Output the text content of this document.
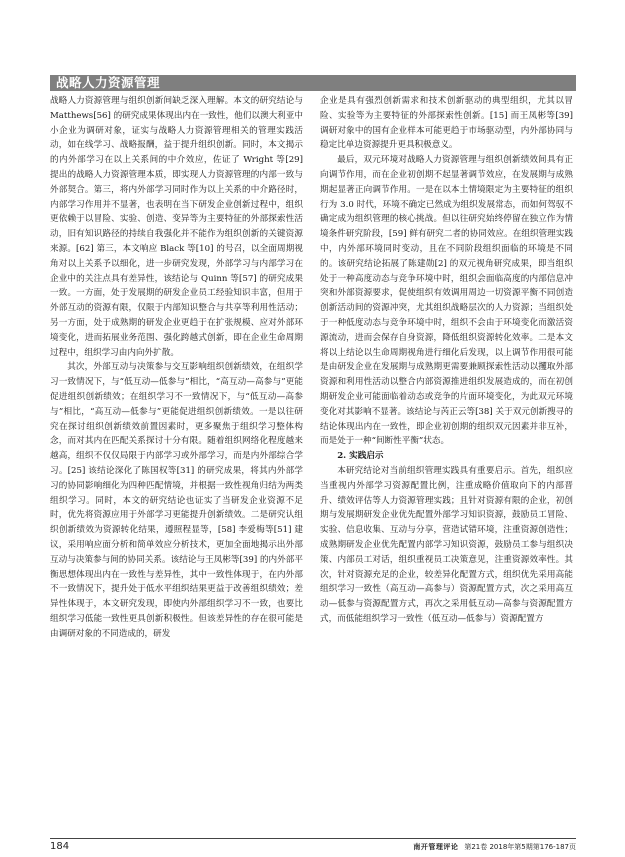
战略人力资源管理

战略人力资源管理与组织创新间缺乏深入理解。本文的研究结论与 Matthews[56] 的研究成果体现出内在一致性，他们以澳大利亚中小企业为调研对象，证实与战略人力资源管理相关的管理实践活动，如在线学习、战略报酬，益于提升组织创新。同时，本文揭示的内外部学习在以上关系间的中介效应，佐证了 Wright 等[29] 提出的战略人力资源管理本质，即实现人力资源管理的内部一致与外部契合。第三，将内外部学习同时作为以上关系的中介路径时，内部学习作用并不显著，也表明在当下研发企业创新过程中，组织更依赖于以冒险、实验、创造、变异等为主要特征的外部探索性活动，旧有知识路径的持续自我强化并不能作为组织创新的关键资源来源。[62] 第三，本文响应 Black 等[10] 的号召，以全面周期视角对以上关系予以细化，进一步研究发现，外部学习与内部学习在企业中的关注点具有差异性，该结论与 Quinn 等[57] 的研究成果一致。一方面，处于发展期的研发企业员工经验知识丰富，但用于外部互动的资源有限，仅限于内部知识整合与共享等利用性活动；另一方面，处于成熟期的研发企业更趋于在扩张规模、应对外部环境变化，进而拓展业务范围、强化跨越式创新，即在企业生命周期过程中，组织学习由内向外扩散。

其次，外部互动与决策参与交互影响组织创新绩效，在组织学习一致情况下，与“低互动—低参与”相比，“高互动—高参与”更能促进组织创新绩效；在组织学习不一致情况下，与“低互动—高参与”相比，“高互动—低参与”更能促进组织创新绩效。一是以往研究在探讨组织创新绩效前置因素时，更多聚焦于组织学习整体构念，而对其内在匹配关系探讨十分有限。随着组织网络化程度越来越高，组织不仅仅局限于内部学习或外部学习，而是内外部综合学习。[25] 该结论深化了陈国权等[31] 的研究成果，将其内外部学习的协同影响细化为四种匹配情境，并根据一致性视角归结为两类组织学习。同时，本文的研究结论也证实了当研发企业资源不足时，优先将资源应用于外部学习更能提升创新绩效。二是研究认组织创新绩效为资源转化结果，遵照程显等，[58] 李爱梅等[51] 建议，采用响应面分析和简单效应分析技术，更加全面地揭示出外部互动与决策参与间的协同关系。该结论与王凤彬等[39] 的内外部平衡思想体现出内在一致性与差异性，其中一致性体现于，在内外部不一致情况下，提升处于低水平组织结果更益于改善组织绩效；差异性体现于，本文研究发现，即使内外部组织学习不一致，也要比组织学习低能一致性更具创新积极性。但该差异性的存在很可能是由调研对象的不同造成的，研发

企业是具有强烈创新需求和技术创新驱动的典型组织，尤其以冒险、实验等为主要特征的外部探索性创新。[15] 而王凤彬等[39] 调研对象中的国有企业样本可能更趋于市场驱动型，内外部协同与稳定比单边资源提升更具积极意义。

最后，双元环境对战略人力资源管理与组织创新绩效间具有正向调节作用，而在企业初创期不起显著调节效应，在发展期与成熟期起显著正向调节作用。一是在以本土情境限定为主要特征的组织行为 3.0 时代，环境不确定已然成为组织发展常态，而如何驾驭不确定成为组织管理的核心挑战。但以往研究始终停留在独立作为情境条件研究阶段，[59] 鲜有研究二者的协同效应。在组织管理实践中，内外部环境同时变动，且在不同阶段组织面临的环境是不同的。该研究结论拓展了陈建勋[2] 的双元视角研究成果，即当组织处于一种高度动态与竞争环境中时，组织会面临高度的内部信息冲突和外部资源要求，促使组织有效调用周边一切资源平衡不同创造创新活动间的资源冲突，尤其组织战略层次的人力资源；当组织处于一种低度动态与竞争环境中时，组织不会由于环境变化而激活资源流动，进而会保存自身资源，降低组织资源转化效率。二是本文将以上结论以生命周期视角进行细化后发现，以上调节作用很可能是由研发企业在发展期与成熟期更需要兼顾探索性活动以攫取外部资源和利用性活动以整合内部资源推进组织发展造成的，而在初创期研发企业可能面临着动态或竞争的片面环境变化，为此双元环境变化对其影响不显著。该结论与芮正云等[38] 关于双元创新搜寻的结论体现出内在一致性，即企业初创期的组织双元因素并非互补，而是处于一种“间断性平衡”状态。

2. 实践启示

本研究结论对当前组织管理实践具有重要启示。首先，组织应当重视内外部学习资源配置比例，注重成略价值取向下的内部晋升、绩效评估等人力资源管理实践；且针对资源有限的企业，初创期与发展期研发企业优先配置外部学习知识资源，鼓励员工冒险、实验、信息收集、互动与分享，营造试错环境，注重资源创造性；成熟期研发企业优先配置内部学习知识资源，鼓励员工参与组织决策、内部员工对话，组织重视员工决策意见，注重资源效率性。其次，针对资源充足的企业，较差异化配置方式，组织优先采用高能组织学习一致性（高互动—高参与）资源配置方式，次之采用高互动—低参与资源配置方式，再次之采用低互动—高参与资源配置方式，而低能组织学习一致性（低互动—低参与）资源配置方

184	南开管理评论 第21卷 2018年第5期第176-187页
